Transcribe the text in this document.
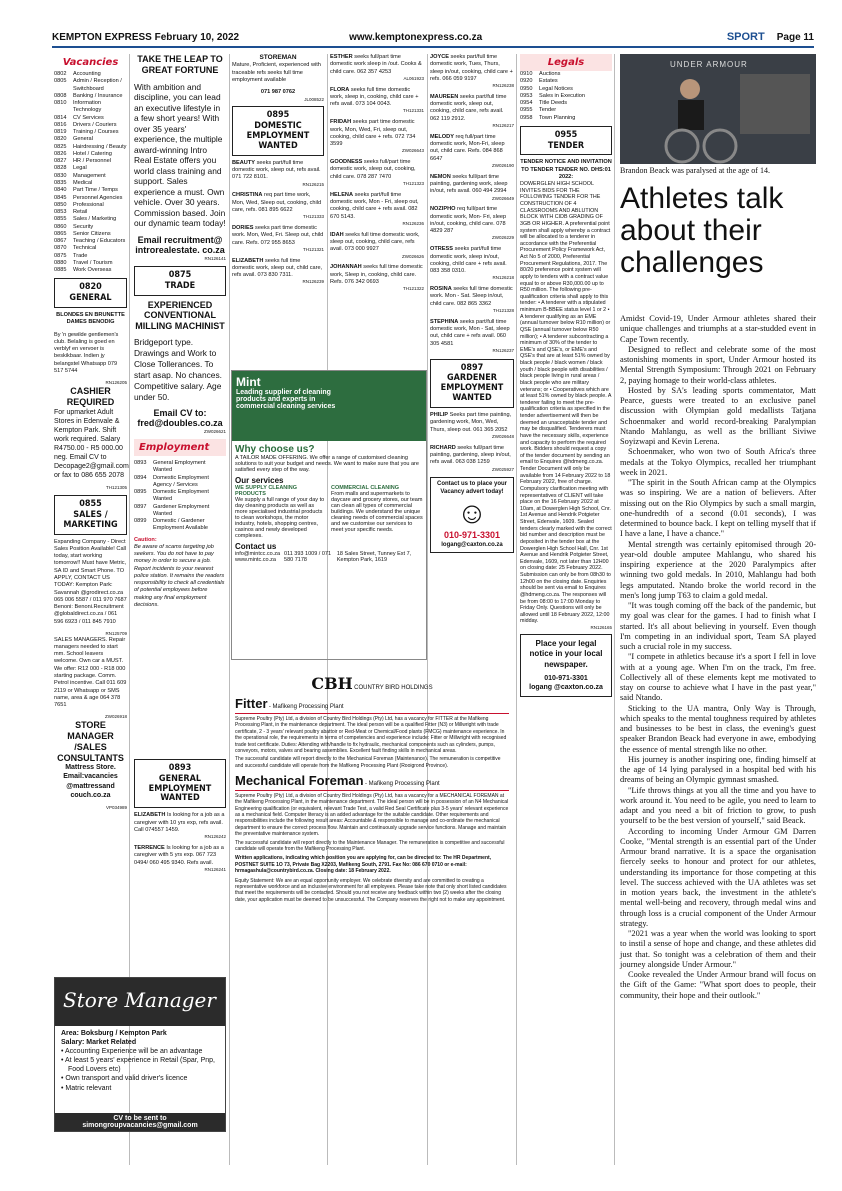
KEMPTON EXPRESS February 10, 2022	www.kemptonexpress.co.za	SPORT Page 11
Vacancies
0802	Accounting
0805	Admin / Reception / Switchboard
0808	Banking / Insurance
0810	Information Technology
0814	CV Services
0816	Drivers / Couriers
0819	Training / Courses
0820	General
0825	Hairdressing / Beauty
0826	Hotel / Catering
0827	HR / Personnel
0828	Legal
0830	Management
0835	Medical
0840	Part Time / Temps
0845	Personnel Agencies
0850	Professional
0853	Retail
0855	Sales / Marketing
0860	Security
0865	Senior Citizens
0867	Teaching / Educators
0870	Technical
0875	Trade
0880	Travel / Tourism
0885	Work Overseas
0820
GENERAL
BLONDES EN BRUNETTE DAMES BENODIG
By 'n gewilde gentlemen's club. Belaling is goed en verblyf en vervoer is beskikbaar. Indien jy belangstel Whatsapp 079 517 5744
RN126205
CASHIER REQUIRED
For upmarket Adult Stores in Edenvale & Kempton Park. Shift work required. Salary R4750.00 - R5 000.00 neg. Email CV to Decopage2@gmail.com or fax to 086 655 2078
TH121305
0855
SALES / MARKETING
Expanding Company - Direct Sales Position Available! Call today, start working tomorrow!! Must have Metric, SA ID and Smart Phone. TO APPLY, CONTACT US TODAY: Kempton Park: Savannah @grodirect.co.za 065 006 5587 / 011 970 7687 Benoni: Benoni.Recruitment @globaldirect.co.za / 061 596 6923 / 011 845 7910
RN125709
SALES MANAGERS. Repair managers needed to start mm. School leavers welcome. Own car a MUST. We offer: R12 000 - R18 000 starting package. Comm. Petrol incentive. Call 011 609 2119 or Whatsapp or SMS name, area & age 064 378 7651
ZW026918
STORE MANAGER /SALES CONSULTANTS
Mattress Store. Email:vacancies @mattressand couch.co.za
VP034989
TAKE THE LEAP TO GREAT FORTUNE
With ambition and discipline, you can lead an executive lifestyle in a few short years! With over 35 years' experience, the multiple award-winning Intro Real Estate offers you world class training and support. Sales experience a must. Own vehicle. Over 30 years. Commission based. Join our dynamic team today!
Email recruitment@ introrealestate. co.za
RN126141
0875
TRADE
EXPERIENCED CONVENTIONAL MILLING MACHINIST
Bridgeport type. Drawings and Work to Close Tollerances. To start asap. No chances. Competitive salary. Age under 50.
Email CV to: fred@doubles.co.za
ZW026621
Employment
0893	General Employment Wanted
0894	Domestic Employment Agency / Services
0895	Domestic Employment Wanted
0897	Gardener Employment Wanted
0899	Domestic / Gardener Employment Available
Caution:
Be aware of scams targeting job seekers. You do not have to pay money in order to secure a job. Report incidents to your nearest police station. It remains the readers responsibility to check all credentials of potential employees before making any final employment decisions.
STOREMAN
Mature, Proficient, experienced with traceable refs seeks full time employment available
071 987 0762
JL008522
0895
DOMESTIC EMPLOYMENT WANTED
BEAUTY seeks part/full time domestic work, sleep out, refs avail. 071 722 8101.
RN126215
CHRISTINA req part time work, Mon, Wed, Sleep out, cooking, child care, refs. 081 895 6622
TH121333
DORIES seeks part time domestic work. Mon, Wed, Fri. Sleep out, child care. Refs. 072 955 8653
TH121321
ELIZABETH seeks full time domestic work, sleep out, child care, refs avail. 073 830 7311.
RN126239
ESTHER seeks full/part time domestic work sleep in /out. Cooks & child care. 062 357 4253
AL061923
FLORA seeks full time domestic work, sleep in, cooking, child care + refs avail. 073 104 0043.
TH121331
FRIDAH seeks part time domestic work, Mon, Wed, Fri, sleep out, cooking, child care + refs. 072 734 3599
ZW026643
GOODNESS seeks full/part time domestic work, sleep out, cooking, child care. 078 287 7470
TH121323
HELENA seeks part/full time domestic work, Mon - Fri, sleep out, cooking, child care + refs avail. 082 670 5143.
RN126236
IDAH seeks full time domestic work, sleep out, cooking, child care, refs avail. 073 000 9927
ZW026626
JOHANNAH seeks full time domestic work, Sleep in, cooking, child care. Refs. 076 342 0693
TH121322
JOYCE seeks part/full time domestic work, Tues, Thurs, sleep in/out, cooking, child care + refs. 066 059 9197
RN126238
MAUREEN seeks part/full time domestic work, sleep out, cooking, child care, refs avail. 062 119 2912.
RN126217
MELODY req full/part time domestic work, Mon-Fri, sleep out, child care. Refs. 084 868 6647
ZW026190
NEMON seeks full/part time painting, gardening work, sleep in/out, refs avail. 060 494 2994
ZW026649
NOZIPHO req full/part time domestic work, Mon- Fri, sleep in/out, cooking, child care. 078 4829 287
ZW026229
OTRESS seeks part/full time domestic work, sleep in/out, cooking, child care + refs avail. 083 358 0310.
RN126218
ROSINA seeks full time domestic work. Mon - Sat. Sleep in/out, child care. 082 865 3362
TH121328
STEPHINA seeks part/full time domestic work, Mon - Sat, sleep out, child care + refs avail. 060 305 4581
RN126237
0897
GARDENER EMPLOYMENT WANTED
PHILIP Seeks part time painting, gardening work, Mon, Wed, Thurs, sleep out. 061 365 2052
ZW026648
RICHARD seeks full/part time painting, gardening, sleep in/out, refs avail. 063 038 1259
ZW025927
Contact us to place your Vacancy advert today!
☺
010-971-3301
logang@caxton.co.za
Mint
Leading supplier of cleaning products and experts in commercial cleaning services
Why choose us?
A TAILOR MADE OFFERING. We offer a range of customised cleaning solutions to suit your budget and needs. We want to make sure that you are satisfied every step of the way.
Our services
WE SUPPLY CLEANING PRODUCTS
We supply a full range of your day to day cleaning products as well as more specialised industrial products to clean workshops, the motor industry, hotels, shopping centres, casinos and newly developed complexes.
COMMERCIAL CLEANING
From malls and supermarkets to daycare and grocery stores, our team can clean all types of commercial buildings. We understand the unique cleaning needs of commercial spaces and we customise our services to meet your specific needs.
Contact us
info@mintcc.co.za
www.mintc.co.za
011 393 1009 / 071 580 7178
18 Sales Street, Tunney Ext 7, Kempton Park, 1619
0893
GENERAL EMPLOYMENT WANTED
ELIZABETH Is looking for a job as a caregiver with 10 yrs exp, refs avail. Call 074557 1459.
RN126242
TERRENCE Is looking for a job as a caregiver with 5 yrs exp. 067 723 0494/ 060 495 9340. Refs avail.
RN126241
CBH COUNTRY BIRD HOLDINGS
Fitter - Mafikeng Processing Plant
Supreme Poultry (Pty) Ltd, a division of Country Bird Holdings (Pty) Ltd, has a vacancy for FITTER at the Mafikeng Processing Plant, in the maintenance department. The ideal person will be a qualified Fitter (N3) or Millwright with trade certificate, 2 - 3 years' relevant poultry abattoir or Red-Meat or Chemical/Food plants (FMCG) maintenance experience. In the operational role, the requirements in terms of competencies and experience include: Fitter or Millwright with recognised trade test certificate. Duties: Attending with/handle to fix hydraulic, mechanical components such as cylinders, pumps, conveyors, motors, valves and bearing assemblies. Excellent fault finding skills in mechanical areas.
The successful candidate will report directly to the Mechanical Foreman (Maintenance). The remuneration is competitive and successful candidate will operate from the Mafikeng Processing Plant (Rooigrond Province).
Mechanical Foreman - Mafikeng Processing Plant
Supreme Poultry (Pty) Ltd, a division of Country Bird Holdings (Pty) Ltd, has a vacancy for a MECHANICAL FOREMAN at the Mafikeng Processing Plant, in the maintenance department. The ideal person will be in possession of an N4 Mechanical Engineering qualification (or equivalent, relevant Trade Test, a valid Red Seal Certificate plus 3-5 years' relevant experience as a mechanical field. Computer literacy is an added advantage for the suitable candidate. Other requirements and responsibilities include the following result areas: Accountable & responsible to manage and co-ordinate the mechanical department to ensure the correct process flow. Maintain and continuously upgrade service functions. Manage and maintain the preventative maintenance system.
The successful candidate will report directly to the Maintenance Manager. The remuneration is competitive and successful candidate will operate from the Mafikeng Processing Plant.
Written applications, indicating which position you are applying for, can be directed to: The HR Department, POSTNET SUITE 1O 73, Private Bag X2203, Mafikeng South, 2791. Fax No: 086 670 0710 or e-mail: hrmagashula@countrybird.co.za. Closing date: 18 February 2022.
Equity Statement: We are an equal opportunity employer. We celebrate diversity and are committed to creating a representative workforce and an inclusive environment for all employees. Please take note that only short listed candidates that meet the requirements will be contacted. Should you not receive any feedback within two (2) weeks after the closing date, your application must be deemed to be unsuccessful. The Company reserves the right not to make any appointment.
Store Manager
Area: Boksburg / Kempton Park
Salary: Market Related
• Accounting Experience will be an advantage
• At least 5 years' experience in Retail (Spar, Pnp, Food Lovers etc)
• Own transport and valid driver's licence
• Matric relevant
CV to be sent to
simongroupvacancies@gmail.com
Legals
0910	Auctions
0920	Estates
0950	Legal Notices
0953	Sales in Execution
0954	Title Deeds
0955	Tender
0958	Town Planning
0955
TENDER
TENDER NOTICE AND INVITATION TO TENDER TENDER NO. DHS:01 2022:
DOWERGLEN HIGH SCHOOL INVITES BIDS FOR THE FOLLOWING TENDER FOR THE CONSTRUCTION OF 4 CLASSROOMS AND ABLUTION BLOCK WITH CIDB GRADING OF 3GB OR HIGHER. A preferential point system shall apply whereby a contract will be allocated to a tenderer in accordance with the Preferential Procurement Policy Framework Act, Act No 5 of 2000, Preferential Procurement Regulations, 2017. The 80/20 preference point system will apply to tenders with a contract value equal to or above R30,000.00 up to R50 million. The following pre-qualification criteria shall apply to this tender: • A tenderer with a stipulated minimum B-BBEE status level 1 or 2 • A tenderer qualifying as an EME (annual turnover below R10 million) or QSE (annual turnover below R50 million); • A tenderer subcontracting a minimum of 30% of the tender to EME's and QSE's, or EME's and QSE's that are at least 51% owned by black people / black women / black youth / black people with disabilities / black people living in rural areas / black people who are military veterans; or • Cooperatives which are at least 51% owned by black people. A tenderer failing to meet the pre-qualification criteria as specified in the tender advertisement will then be deemed an unacceptable tender and may be disqualified. Tenderers must have the necessary skills, experience and capacity to perform the required work. Bidders should request a copy of the tender document by sending an email to Enquires @hdmeng.co.za. Tender Document will only be available from 14 February 2022 to 18 February 2022, free of charge. Compulsory clarification meeting with representatives of CLIENT will take place on the 16 February 2022 at 10am, at Dowerglen High School, Cnr. 1st Avenue and Hendrik Potgieter Street, Edenvale, 1609. Sealed tenders clearly marked with the correct bid number and description must be deposited in the tender box at the Dowerglen High School Hall, Cnr. 1st Avenue and Hendrik Potgieter Street, Edenvale, 1609, not later than 12H00 on closing date: 25 February 2022. Submission can only be from 08h30 to 12h00 on the closing date. Enquiries should be sent via email to Enquires @hdmeng.co.za. The responses will be from 08:00 to 17:00 Monday to Friday Only. Questions will only be allowed until 18 February 2022, 12:00 midday.
RN126165
Place your legal notice in your local newspaper.
010-971-3301
logang @caxton.co.za
UNDER ARMOUR
Brandon Beack was paralysed at the age of 14.
Athletes talk about their challenges

Amidst Covid-19, Under Armour athletes shared their unique challenges and triumphs at a star-studded event in Cape Town recently.

Designed to reflect and celebrate some of the most astonishing moments in sport, Under Armour hosted its Mental Strength Symposium: Through 2021 on February 2, paying homage to their world-class athletes.

Hosted by SA's leading sports commentator, Matt Pearce, guests were treated to an exclusive panel discussion with Olympian gold medallists Tatjana Schoenmaker and world record-breaking Paralympian Ntando Mahlangu, as well as the brilliant Siviwe Soyizwapi and Kevin Lerena.

Schoenmaker, who won two of South Africa's three medals at the Tokyo Olympics, recalled her triumphant week in 2021.

"The spirit in the South African camp at the Olympics was so inspiring. We are a nation of believers. After missing out on the Rio Olympics by such a small margin, one-hundredth of a second (0.01 seconds), I was determined to bounce back. I kept on telling myself that if I have a lane, I have a chance."

Mental strength was certainly epitomised through 20-year-old double amputee Mahlangu, who shared his inspiring experience at the 2020 Paralympics after winning two gold medals. In 2010, Mahlangu had both legs amputated. Ntando broke the world record in the men's long jump T63 to claim a gold medal.

"It was tough coming off the back of the pandemic, but my goal was clear for the games. I had to finish what I started. It's all about believing in yourself. Even though I'm competing in an individual sport, Team SA played such a crucial role in my success.

"I compete in athletics because it's a sport I fell in love with at a young age. When I'm on the track, I'm free. Collectively all of these elements kept me motivated to stay on course to achieve what I have in the past year," said Ntando.

Sticking to the UA mantra, Only Way is Through, which speaks to the mental toughness required by athletes and businesses to be best in class, the evening's guest speaker Brandon Beack had everyone in awe, embodying the essence of mental strength like no other.

His journey is another inspiring one, finding himself at the age of 14 lying paralysed in a hospital bed with his dreams of being an Olympic gymnast smashed.

"Life throws things at you all the time and you have to work around it. You need to be agile, you need to learn to adapt and you need a bit of friction to grow, to push yourself to be the best version of yourself," said Beack.

According to incoming Under Armour GM Darren Cooke, "Mental strength is an essential part of the Under Armour brand narrative. It is a space the organisation fiercely seeks to honour and protect for our athletes, understanding its importance for those competing at this level. The success achieved with the UA athletes was set in motion years back, the investment in the athlete's mental well-being and recovery, through medal wins and through loss is a crucial component of the Under Armour strategy.

"2021 was a year when the world was looking to sport to instil a sense of hope and change, and these athletes did just that. So tonight was a celebration of them and their journey alongside Under Armour."

Cooke revealed the Under Armour brand will focus on the Gift of the Game: "What sport does to people, their community, their hope and their outlook."
